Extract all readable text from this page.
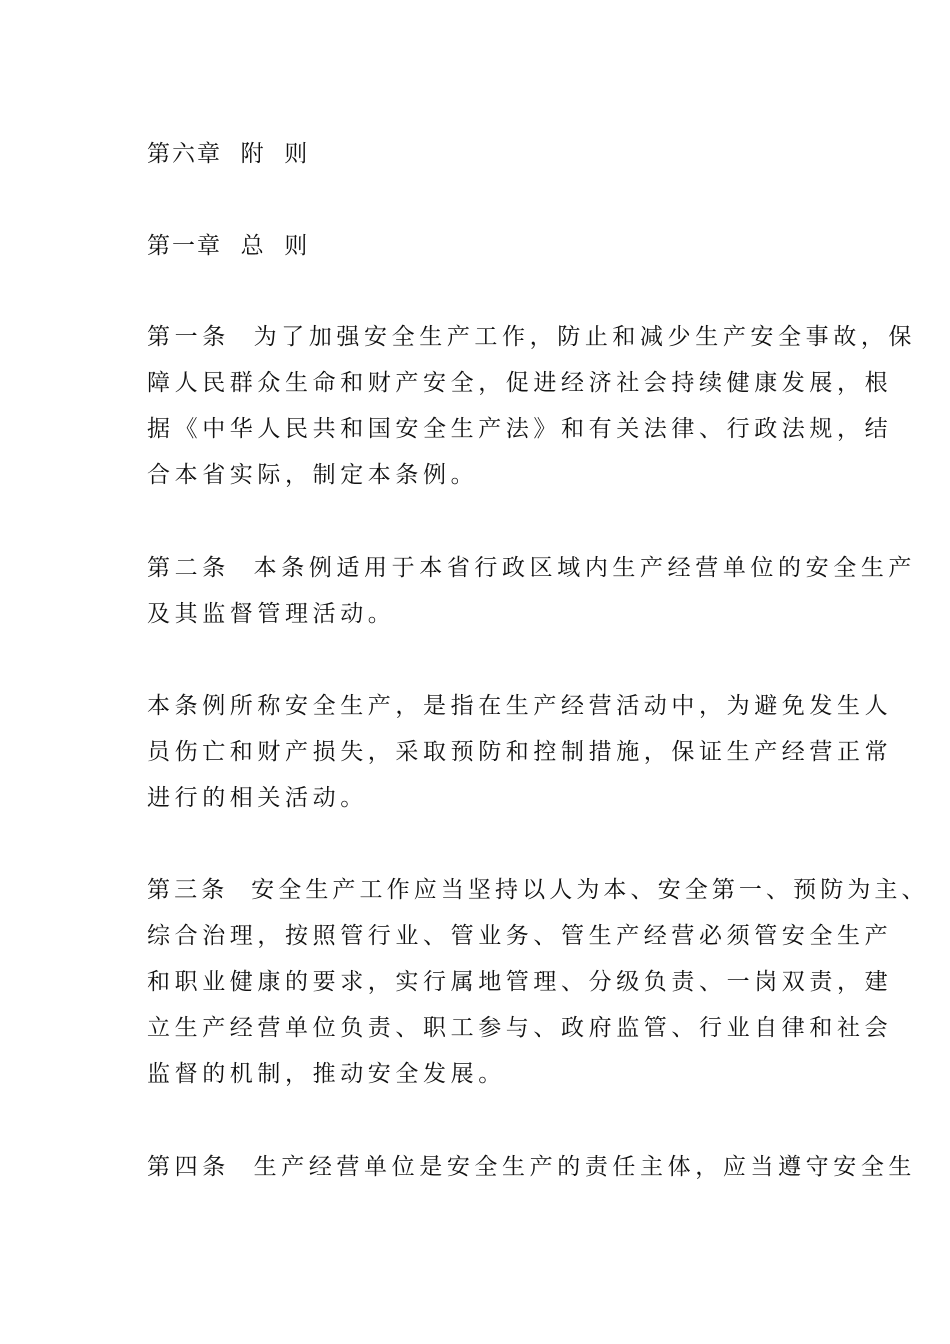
第六章  附  则
第一章  总  则
第一条  为了加强安全生产工作，防止和减少生产安全事故，保
障人民群众生命和财产安全，促进经济社会持续健康发展，根
据《中华人民共和国安全生产法》和有关法律、行政法规，结
合本省实际，制定本条例。
第二条  本条例适用于本省行政区域内生产经营单位的安全生产
及其监督管理活动。
本条例所称安全生产，是指在生产经营活动中，为避免发生人
员伤亡和财产损失，采取预防和控制措施，保证生产经营正常
进行的相关活动。
第三条  安全生产工作应当坚持以人为本、安全第一、预防为主、
综合治理，按照管行业、管业务、管生产经营必须管安全生产
和职业健康的要求，实行属地管理、分级负责、一岗双责，建
立生产经营单位负责、职工参与、政府监管、行业自律和社会
监督的机制，推动安全发展。
第四条  生产经营单位是安全生产的责任主体，应当遵守安全生
